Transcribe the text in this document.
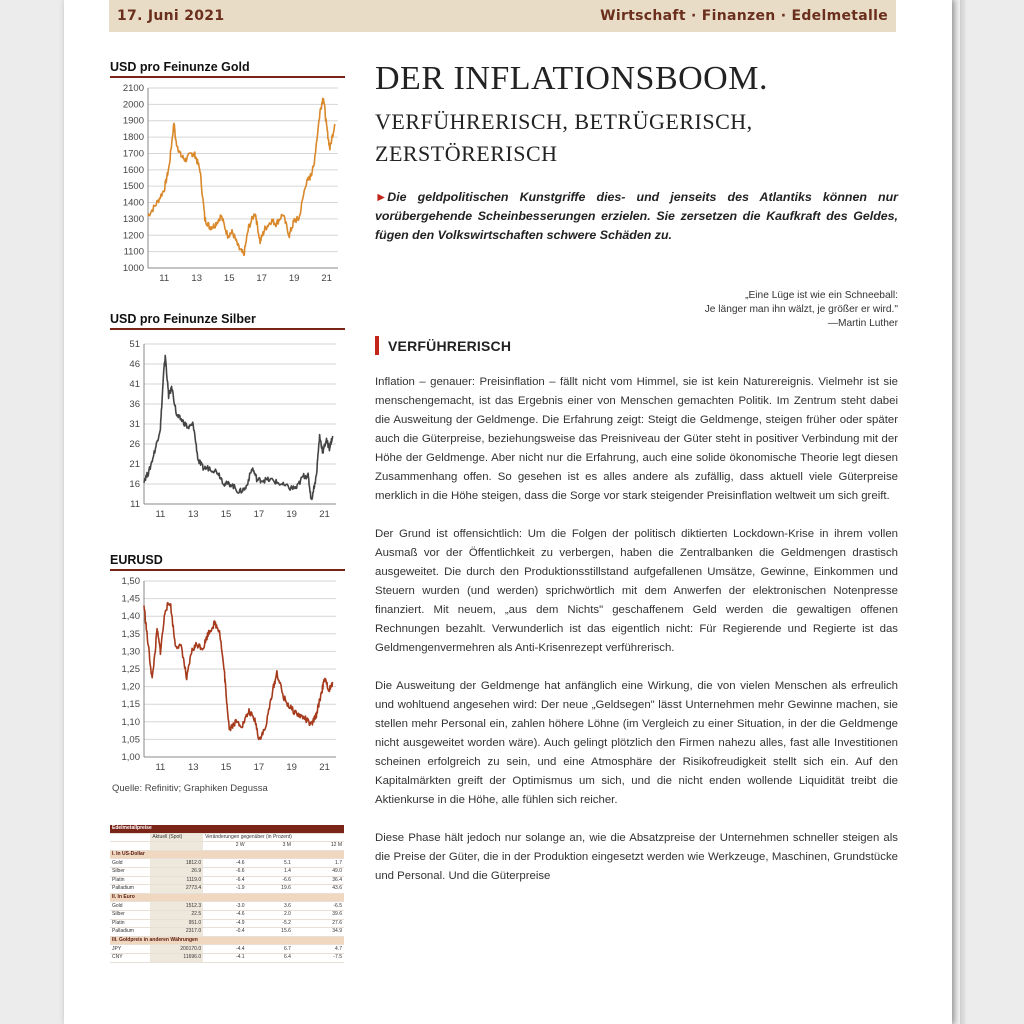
17. Juni 2021	Wirtschaft · Finanzen · Edelmetalle
USD pro Feinunze Gold
2100
2000
1900
1800
1700
1600
1500
1400
1300
1200
1100
1000
11 13 15 17 19 21
USD pro Feinunze Silber
51
46
41
36
31
26
21
16
11
11 13 15 17 19 21
EURUSD
1,50
1,45
1,40
1,35
1,30
1,25
1,20
1,15
1,10
1,05
1,00
11 13 15 17 19 21
Quelle: Refinitiv; Graphiken Degussa
Edelmetallpreise				
	Aktuell (Spot)	Veränderungen gegenüber (in Prozent)		
		2 W	3 M	12 M
I. In US-Dollar				
Gold	1812.0	-4.6	5.1	1.7
Silber	26.9	-6.6	1.4	49.0
Platin	1119.0	-6.4	-6.6	36.4
Palladium	2773.4	-1.9	19.6	43.6
II. In Euro				
Gold	1512.3	-3.0	3.6	-6.5
Silber	22.5	-4.6	2.0	39.6
Platin	951.0	-4.9	-5.2	27.6
Palladium	2317.0	-0.4	15.6	34.9
III. Goldpreis in anderen Währungen				
JPY	200170.0	-4.4	6.7	4.7
CNY	11696.0	-4.1	6.4	-7.5
DER INFLATIONSBOOM.
VERFÜHRERISCH, BETRÜGERISCH,
ZERSTÖRERISCH
►Die geldpolitischen Kunstgriffe dies- und jenseits des Atlantiks können nur vorübergehende Scheinbesserungen erzielen. Sie zersetzen die Kaufkraft des Geldes, fügen den Volkswirtschaften schwere Schäden zu.
„Eine Lüge ist wie ein Schneeball:
Je länger man ihn wälzt, je größer er wird."
—Martin Luther
VERFÜHRERISCH

Inflation – genauer: Preisinflation – fällt nicht vom Himmel, sie ist kein Naturereignis. Vielmehr ist sie menschengemacht, ist das Ergebnis einer von Menschen gemachten Politik. Im Zentrum steht dabei die Ausweitung der Geldmenge. Die Erfahrung zeigt: Steigt die Geldmenge, steigen früher oder später auch die Güterpreise, beziehungsweise das Preisniveau der Güter steht in positiver Verbindung mit der Höhe der Geldmenge. Aber nicht nur die Erfahrung, auch eine solide ökonomische Theorie legt diesen Zusammenhang offen. So gesehen ist es alles andere als zufällig, dass aktuell viele Güterpreise merklich in die Höhe steigen, dass die Sorge vor stark steigender Preisinflation weltweit um sich greift.

Der Grund ist offensichtlich: Um die Folgen der politisch diktierten Lockdown-Krise in ihrem vollen Ausmaß vor der Öffentlichkeit zu verbergen, haben die Zentralbanken die Geldmengen drastisch ausgeweitet. Die durch den Produktionsstillstand aufgefallenen Umsätze, Gewinne, Einkommen und Steuern wurden (und werden) sprichwörtlich mit dem Anwerfen der elektronischen Notenpresse finanziert. Mit neuem, „aus dem Nichts" geschaffenem Geld werden die gewaltigen offenen Rechnungen bezahlt. Verwunderlich ist das eigentlich nicht: Für Regierende und Regierte ist das Geldmengenvermehren als Anti-Krisenrezept verführerisch.

Die Ausweitung der Geldmenge hat anfänglich eine Wirkung, die von vielen Menschen als erfreulich und wohltuend angesehen wird: Der neue „Geldsegen" lässt Unternehmen mehr Gewinne machen, sie stellen mehr Personal ein, zahlen höhere Löhne (im Vergleich zu einer Situation, in der die Geldmenge nicht ausgeweitet worden wäre). Auch gelingt plötzlich den Firmen nahezu alles, fast alle Investitionen scheinen erfolgreich zu sein, und eine Atmosphäre der Risikofreudigkeit stellt sich ein. Auf den Kapitalmärkten greift der Optimismus um sich, und die nicht enden wollende Liquidität treibt die Aktienkurse in die Höhe, alle fühlen sich reicher.

Diese Phase hält jedoch nur solange an, wie die Absatzpreise der Unternehmen schneller steigen als die Preise der Güter, die in der Produktion eingesetzt werden wie Werkzeuge, Maschinen, Grundstücke und Personal. Und die Güterpreise
